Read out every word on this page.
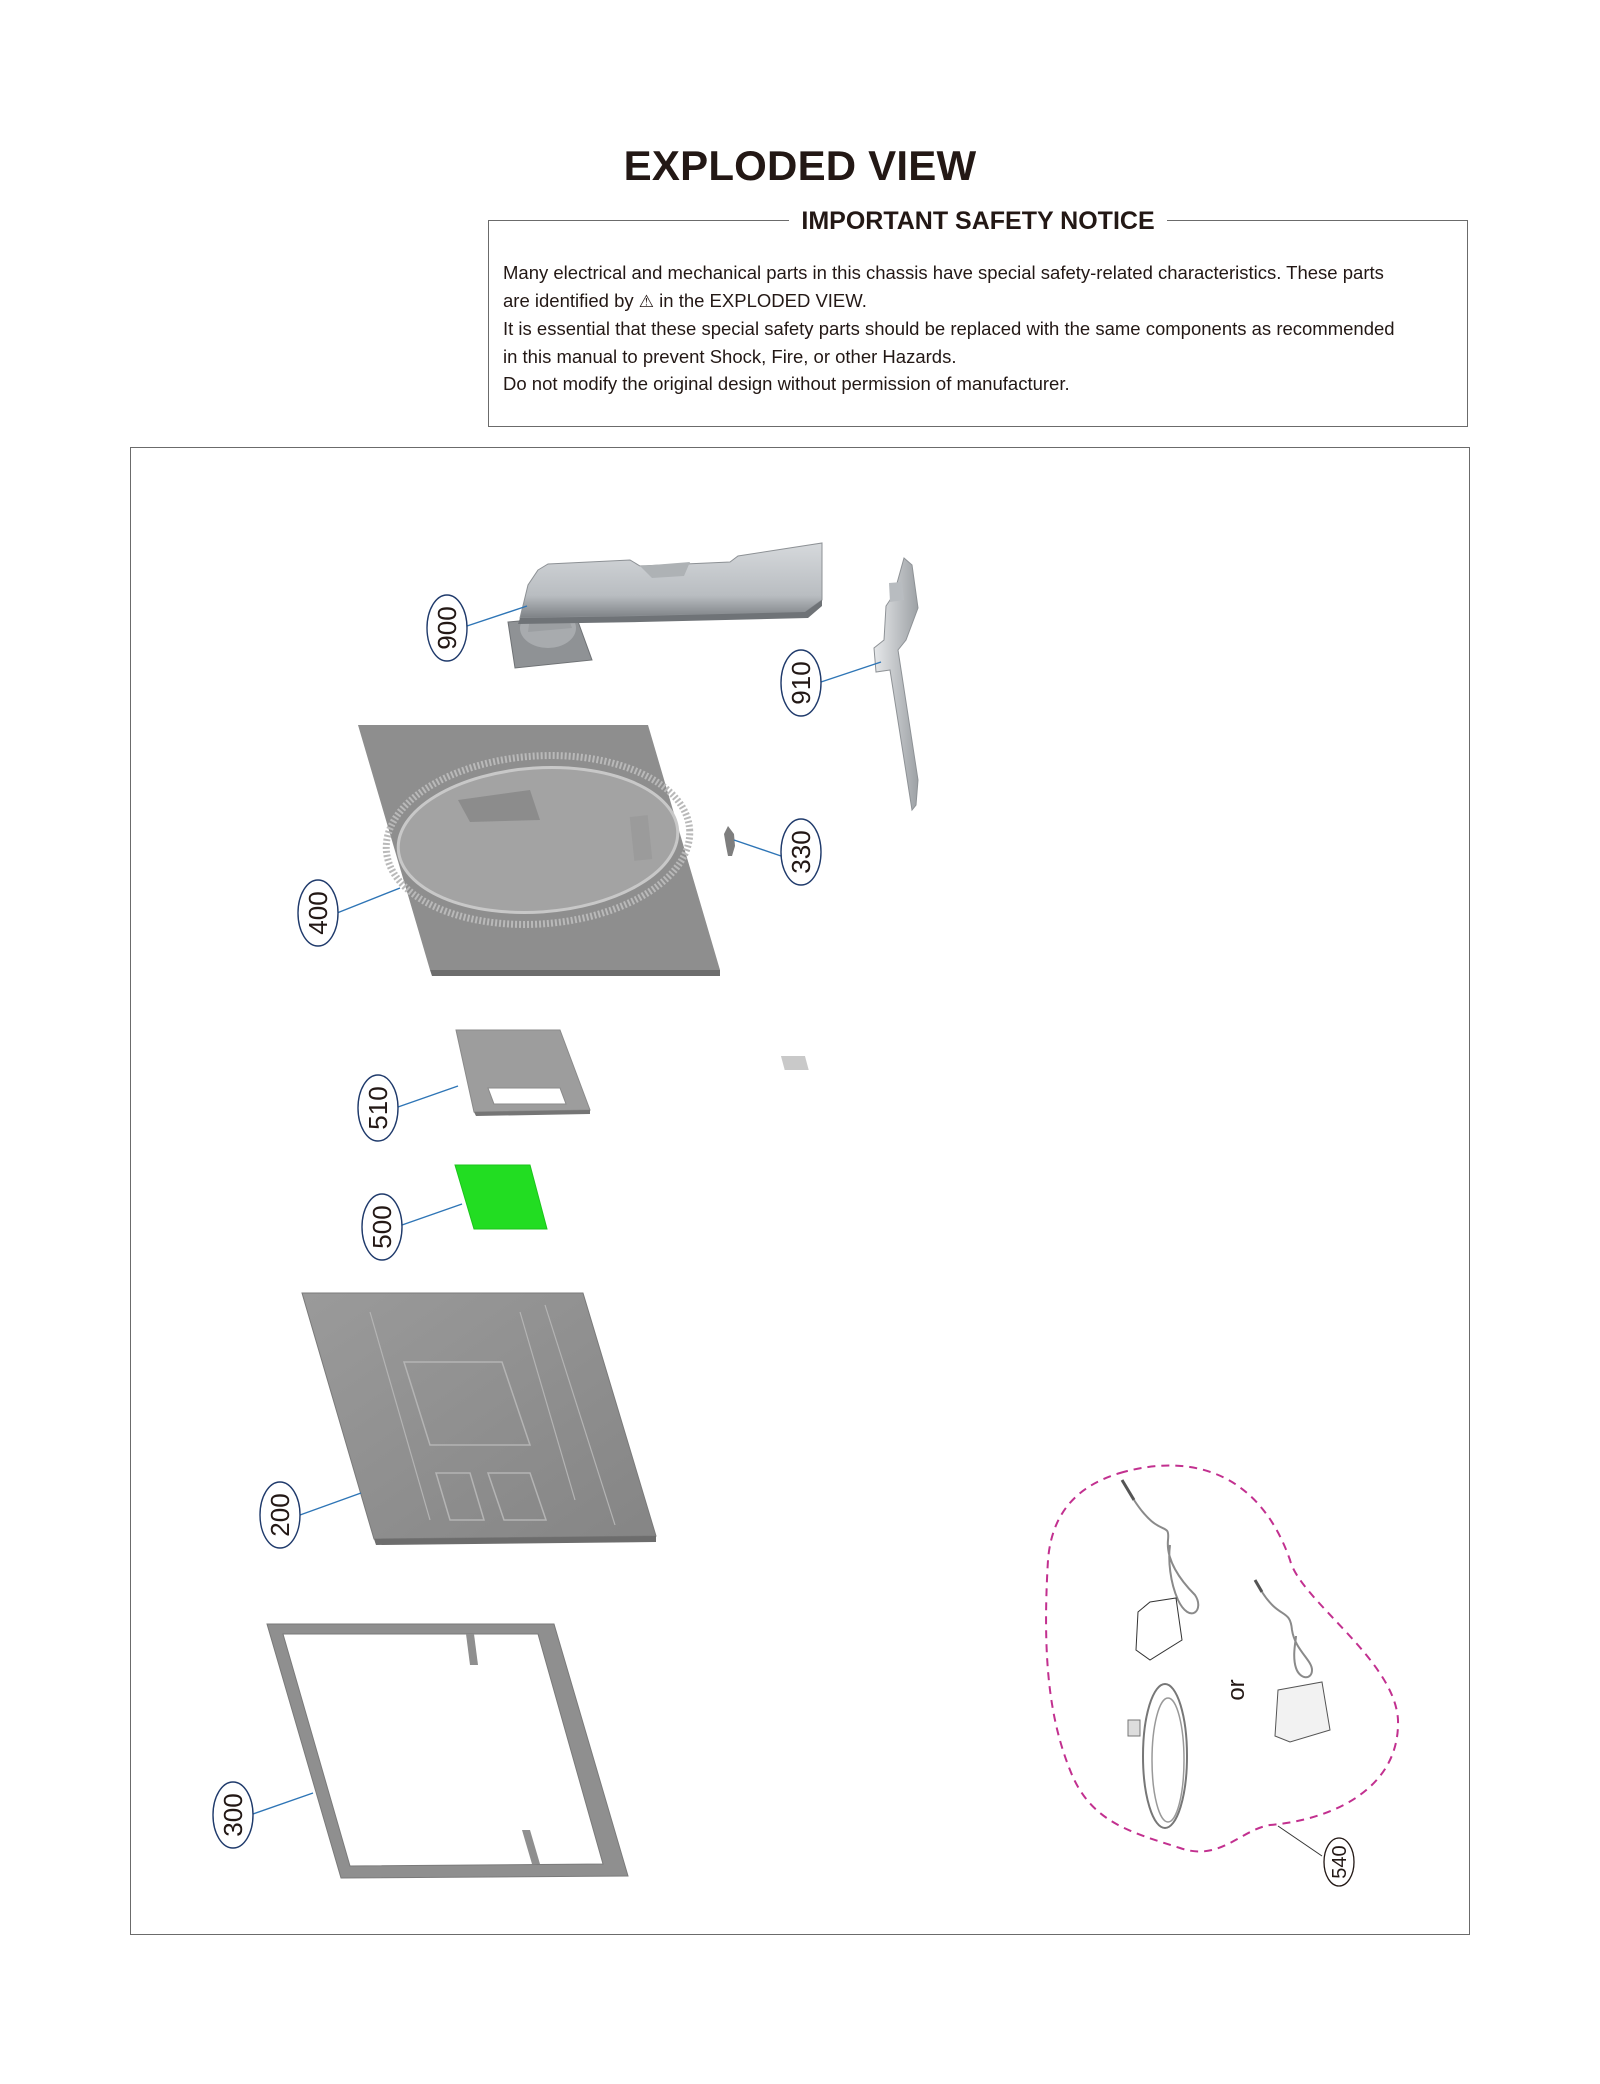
EXPLODED VIEW
IMPORTANT SAFETY NOTICE

Many electrical and mechanical parts in this chassis have special safety-related characteristics. These parts

are identified by ⚠ in the EXPLODED VIEW.

It is essential that these special safety parts should be replaced with the same components as recommended

in this manual to prevent Shock, Fire, or other Hazards.

Do not modify the original design without permission of manufacturer.

900
910
400
330
510
500
200
300
or
540
